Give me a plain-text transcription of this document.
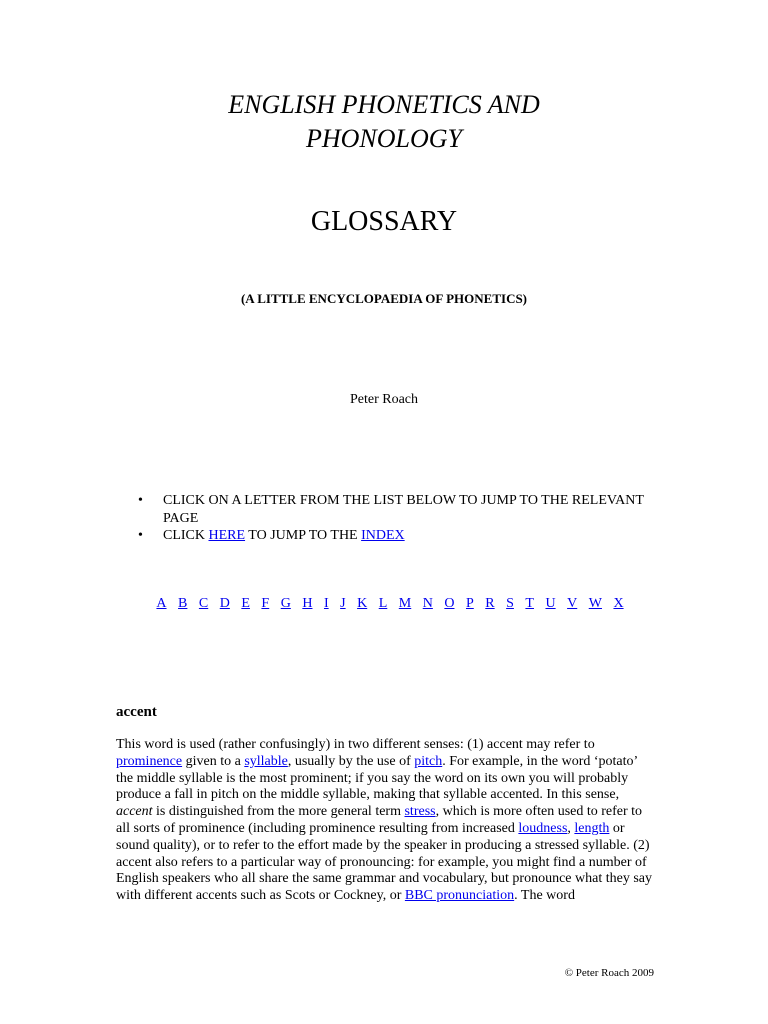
ENGLISH PHONETICS AND
PHONOLOGY
GLOSSARY
(A LITTLE ENCYCLOPAEDIA OF PHONETICS)
Peter Roach
• CLICK ON A LETTER FROM THE LIST BELOW TO JUMP TO THE RELEVANT PAGE
• CLICK HERE TO JUMP TO THE INDEX
A B C D E F G H I J K L M N O P R S T U V W X
accent

This word is used (rather confusingly) in two different senses: (1) accent may refer to prominence given to a syllable, usually by the use of pitch. For example, in the word ‘potato’ the middle syllable is the most prominent; if you say the word on its own you will probably produce a fall in pitch on the middle syllable, making that syllable accented. In this sense, accent is distinguished from the more general term stress, which is more often used to refer to all sorts of prominence (including prominence resulting from increased loudness, length or sound quality), or to refer to the effort made by the speaker in producing a stressed syllable. (2) accent also refers to a particular way of pronouncing: for example, you might find a number of English speakers who all share the same grammar and vocabulary, but pronounce what they say with different accents such as Scots or Cockney, or BBC pronunciation. The word

© Peter Roach 2009
